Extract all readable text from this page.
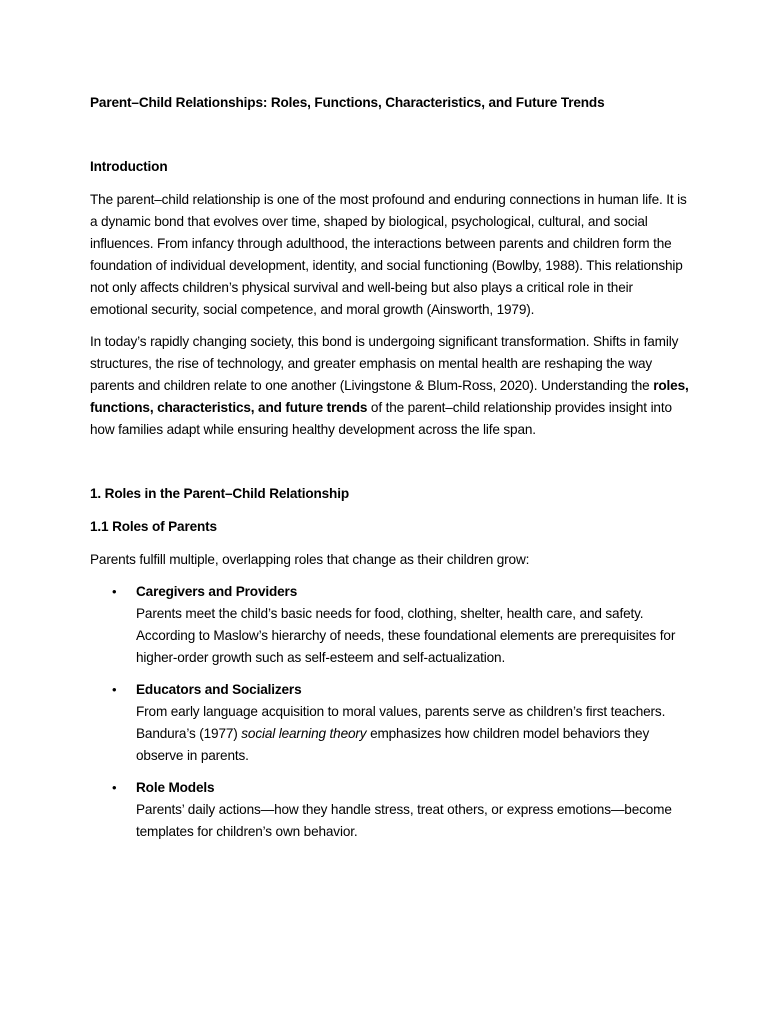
Parent–Child Relationships: Roles, Functions, Characteristics, and Future Trends

Introduction

The parent–child relationship is one of the most profound and enduring connections in human life. It is a dynamic bond that evolves over time, shaped by biological, psychological, cultural, and social influences. From infancy through adulthood, the interactions between parents and children form the foundation of individual development, identity, and social functioning (Bowlby, 1988). This relationship not only affects children’s physical survival and well-being but also plays a critical role in their emotional security, social competence, and moral growth (Ainsworth, 1979).

In today’s rapidly changing society, this bond is undergoing significant transformation. Shifts in family structures, the rise of technology, and greater emphasis on mental health are reshaping the way parents and children relate to one another (Livingstone & Blum-Ross, 2020). Understanding the roles, functions, characteristics, and future trends of the parent–child relationship provides insight into how families adapt while ensuring healthy development across the life span.

1. Roles in the Parent–Child Relationship

1.1 Roles of Parents

Parents fulfill multiple, overlapping roles that change as their children grow:

• Caregivers and Providers
Parents meet the child’s basic needs for food, clothing, shelter, health care, and safety. According to Maslow’s hierarchy of needs, these foundational elements are prerequisites for higher-order growth such as self-esteem and self-actualization.
• Educators and Socializers
From early language acquisition to moral values, parents serve as children’s first teachers. Bandura’s (1977) social learning theory emphasizes how children model behaviors they observe in parents.
• Role Models
Parents’ daily actions—how they handle stress, treat others, or express emotions—become templates for children’s own behavior.
